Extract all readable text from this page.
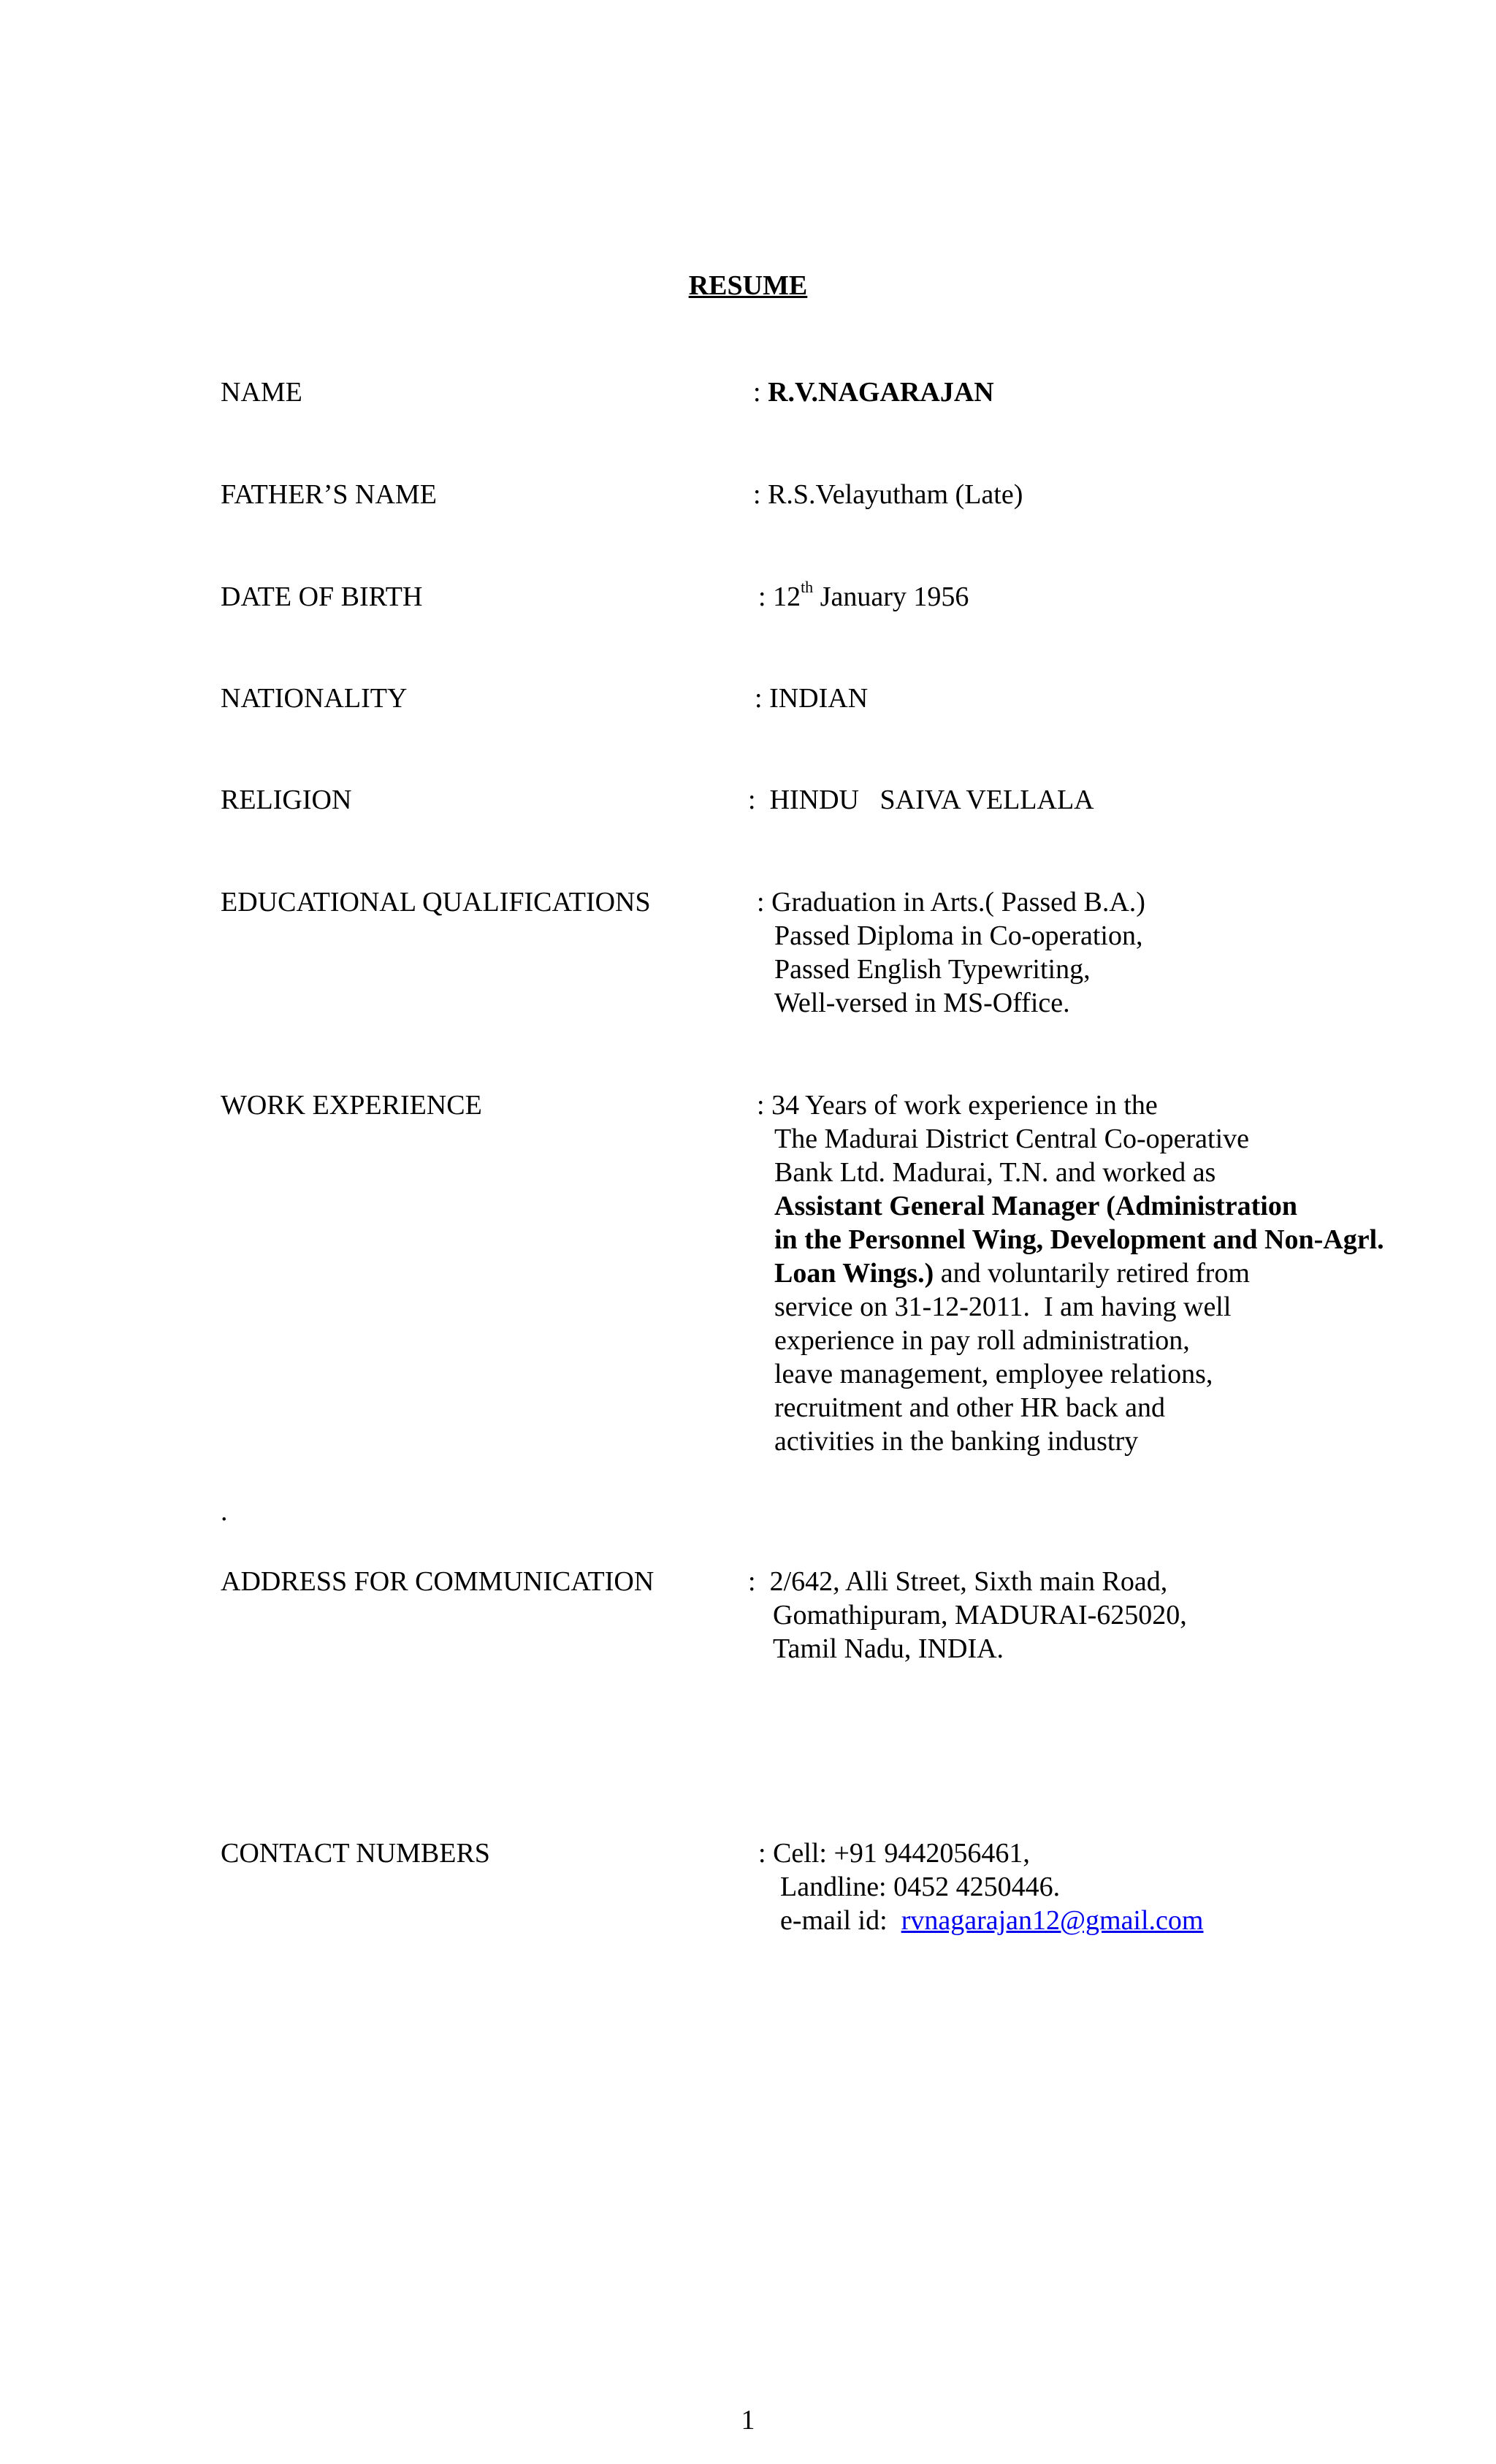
RESUME
NAME	: R.V.NAGARAJAN
FATHER’S NAME	: R.S.Velayutham (Late)
DATE OF BIRTH	: 12th January 1956
NATIONALITY	: INDIAN
RELIGION	: HINDU   SAIVA VELLALA
EDUCATIONAL QUALIFICATIONS	: Graduation in Arts.( Passed B.A.)
Passed Diploma in Co-operation,
Passed English Typewriting,
Well-versed in MS-Office.
WORK EXPERIENCE	: 34 Years of work experience in the
The Madurai District Central Co-operative
Bank Ltd. Madurai, T.N. and worked as
Assistant General Manager (Administration
in the Personnel Wing, Development and Non-Agrl.
Loan Wings.) and voluntarily retired from
service on 31-12-2011.  I am having well
experience in pay roll administration,
leave management, employee relations,
recruitment and other HR back and
activities in the banking industry
.
ADDRESS FOR COMMUNICATION	: 2/642, Alli Street, Sixth main Road,
Gomathipuram, MADURAI-625020,
Tamil Nadu, INDIA.
CONTACT NUMBERS	: Cell: +91 9442056461,
Landline: 0452 4250446.
e-mail id:  rvnagarajan12@gmail.com
1
